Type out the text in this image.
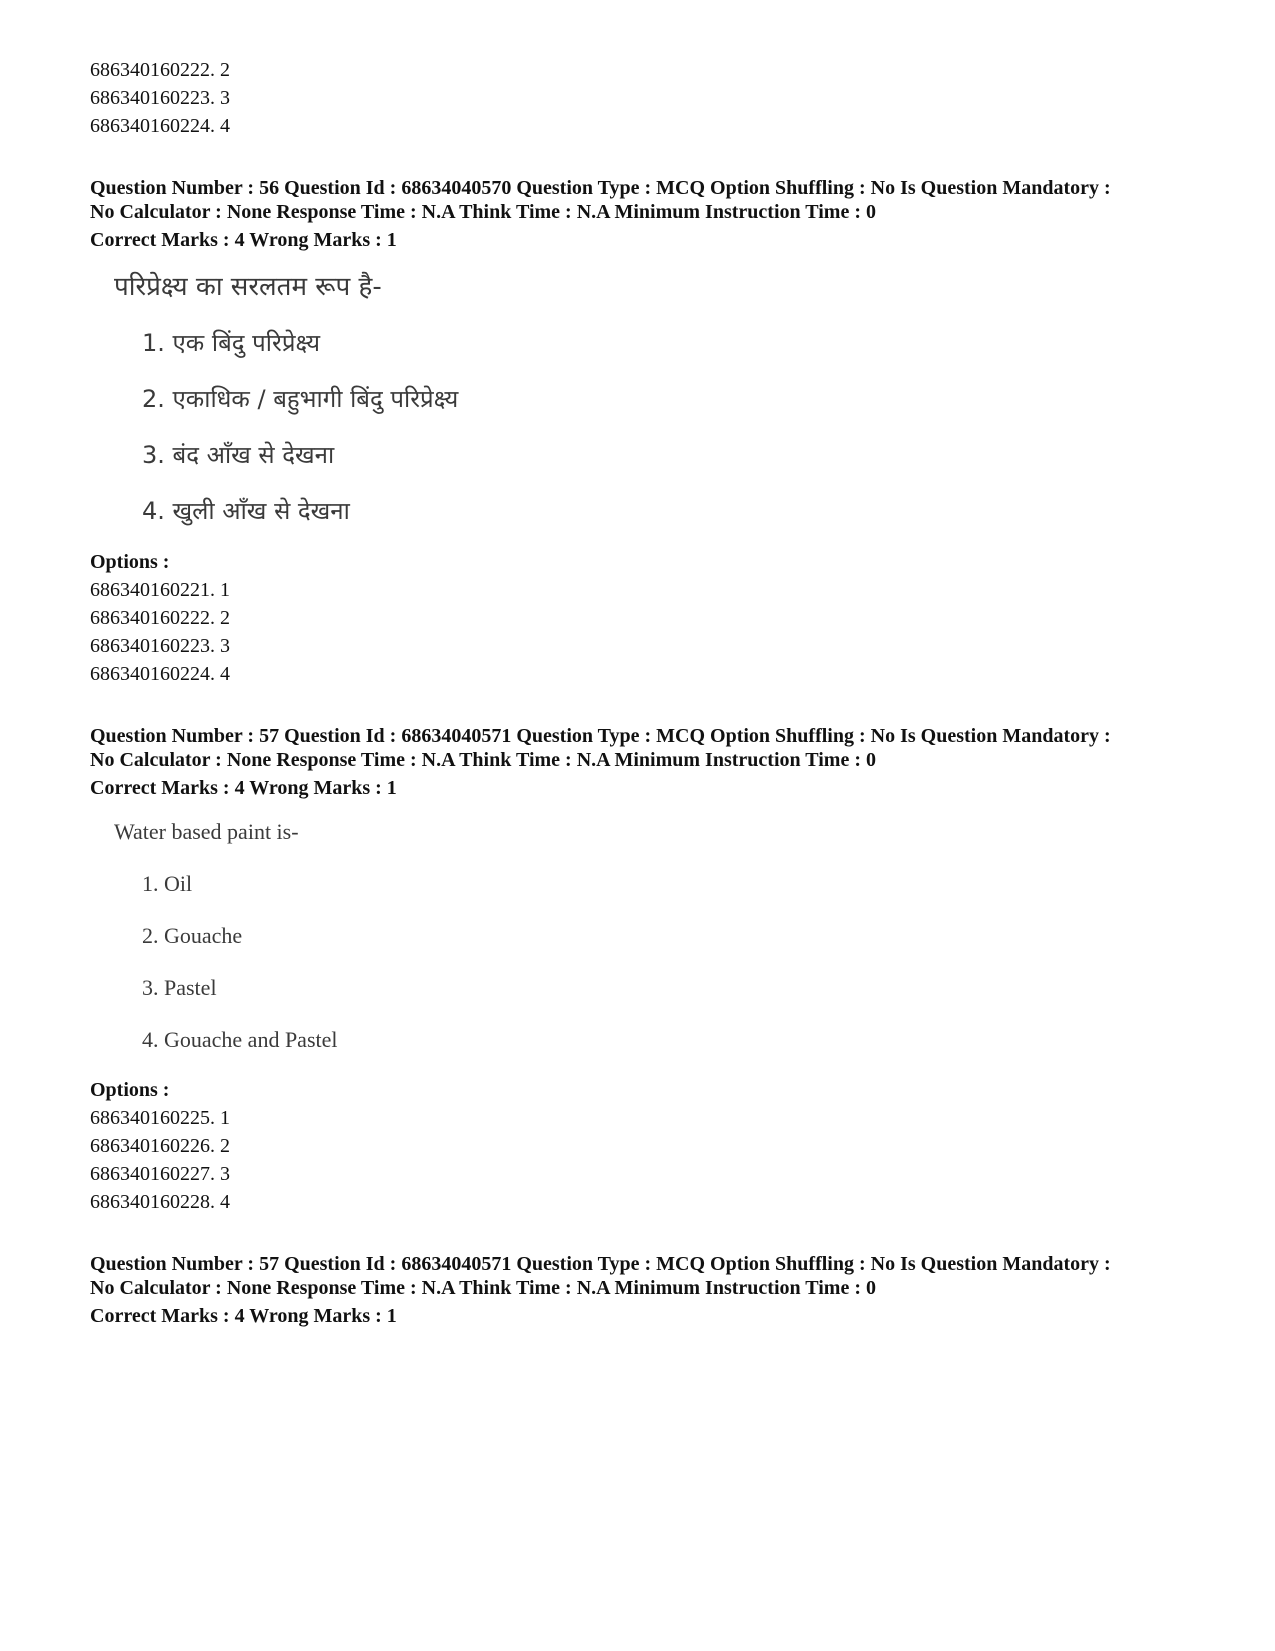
686340160222. 2
686340160223. 3
686340160224. 4
Question Number : 56 Question Id : 68634040570 Question Type : MCQ Option Shuffling : No Is Question Mandatory :
No Calculator : None Response Time : N.A Think Time : N.A Minimum Instruction Time : 0
Correct Marks : 4 Wrong Marks : 1
परिप्रेक्ष्य का सरलतम रूप है-
1. एक बिंदु परिप्रेक्ष्य
2. एकाधिक / बहुभागी बिंदु परिप्रेक्ष्य
3. बंद आँख से देखना
4. खुली आँख से देखना
Options :
686340160221. 1
686340160222. 2
686340160223. 3
686340160224. 4
Question Number : 57 Question Id : 68634040571 Question Type : MCQ Option Shuffling : No Is Question Mandatory :
No Calculator : None Response Time : N.A Think Time : N.A Minimum Instruction Time : 0
Correct Marks : 4 Wrong Marks : 1
Water based paint is-
1. Oil
2. Gouache
3. Pastel
4. Gouache and Pastel
Options :
686340160225. 1
686340160226. 2
686340160227. 3
686340160228. 4
Question Number : 57 Question Id : 68634040571 Question Type : MCQ Option Shuffling : No Is Question Mandatory :
No Calculator : None Response Time : N.A Think Time : N.A Minimum Instruction Time : 0
Correct Marks : 4 Wrong Marks : 1
